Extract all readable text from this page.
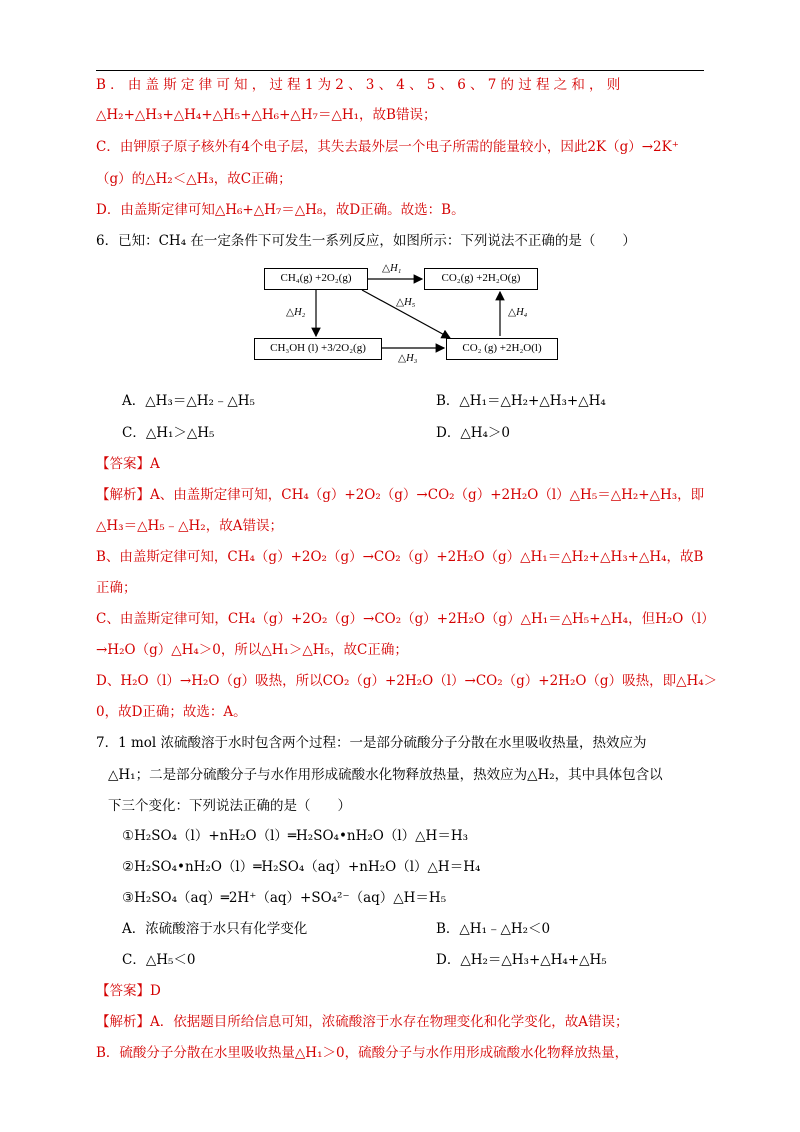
B．由盖斯定律可知，过程1为2、3、4、5、6、7的过程之和，则
△H₂+△H₃+△H₄+△H₅+△H₆+△H₇＝△H₁，故B错误；
C．由钾原子原子核外有4个电子层，其失去最外层一个电子所需的能量较小，因此2K（g）→2K⁺
（g）的△H₂＜△H₃，故C正确；
D．由盖斯定律可知△H₆+△H₇＝△H₈，故D正确。故选：B。
6．已知：CH₄ 在一定条件下可发生一系列反应，如图所示：下列说法不正确的是（　　）
CH₄(g) +2O₂(g)	CO₂(g) +2H₂O(g)
CH₃OH (l) +3/2O₂(g)	CO₂ (g) +2H₂O(l)
△H₁
△H₂
△H₅
△H₃
△H₄
A．△H₃＝△H₂﹣△H₅	B．△H₁＝△H₂+△H₃+△H₄
C．△H₁＞△H₅	D．△H₄＞0
【答案】A
【解析】A、由盖斯定律可知，CH₄（g）+2O₂（g）→CO₂（g）+2H₂O（l）△H₅＝△H₂+△H₃，即
△H₃＝△H₅﹣△H₂，故A错误；
B、由盖斯定律可知，CH₄（g）+2O₂（g）→CO₂（g）+2H₂O（g）△H₁＝△H₂+△H₃+△H₄，故B
正确；
C、由盖斯定律可知，CH₄（g）+2O₂（g）→CO₂（g）+2H₂O（g）△H₁＝△H₅+△H₄，但H₂O（l）
→H₂O（g）△H₄＞0，所以△H₁＞△H₅，故C正确；
D、H₂O（l）→H₂O（g）吸热，所以CO₂（g）+2H₂O（l）→CO₂（g）+2H₂O（g）吸热，即△H₄＞
0，故D正确；故选：A。
7．1 mol 浓硫酸溶于水时包含两个过程：一是部分硫酸分子分散在水里吸收热量，热效应为
△H₁；二是部分硫酸分子与水作用形成硫酸水化物释放热量，热效应为△H₂，其中具体包含以
下三个变化：下列说法正确的是（　　）
①H₂SO₄（l）+nH₂O（l）═H₂SO₄•nH₂O（l）△H＝H₃
②H₂SO₄•nH₂O（l）═H₂SO₄（aq）+nH₂O（l）△H＝H₄
③H₂SO₄（aq）═2H⁺（aq）+SO₄²⁻（aq）△H＝H₅
A．浓硫酸溶于水只有化学变化	B．△H₁﹣△H₂＜0
C．△H₅＜0	D．△H₂＝△H₃+△H₄+△H₅
【答案】D
【解析】A．依据题目所给信息可知，浓硫酸溶于水存在物理变化和化学变化，故A错误；
B．硫酸分子分散在水里吸收热量△H₁＞0，硫酸分子与水作用形成硫酸水化物释放热量，
